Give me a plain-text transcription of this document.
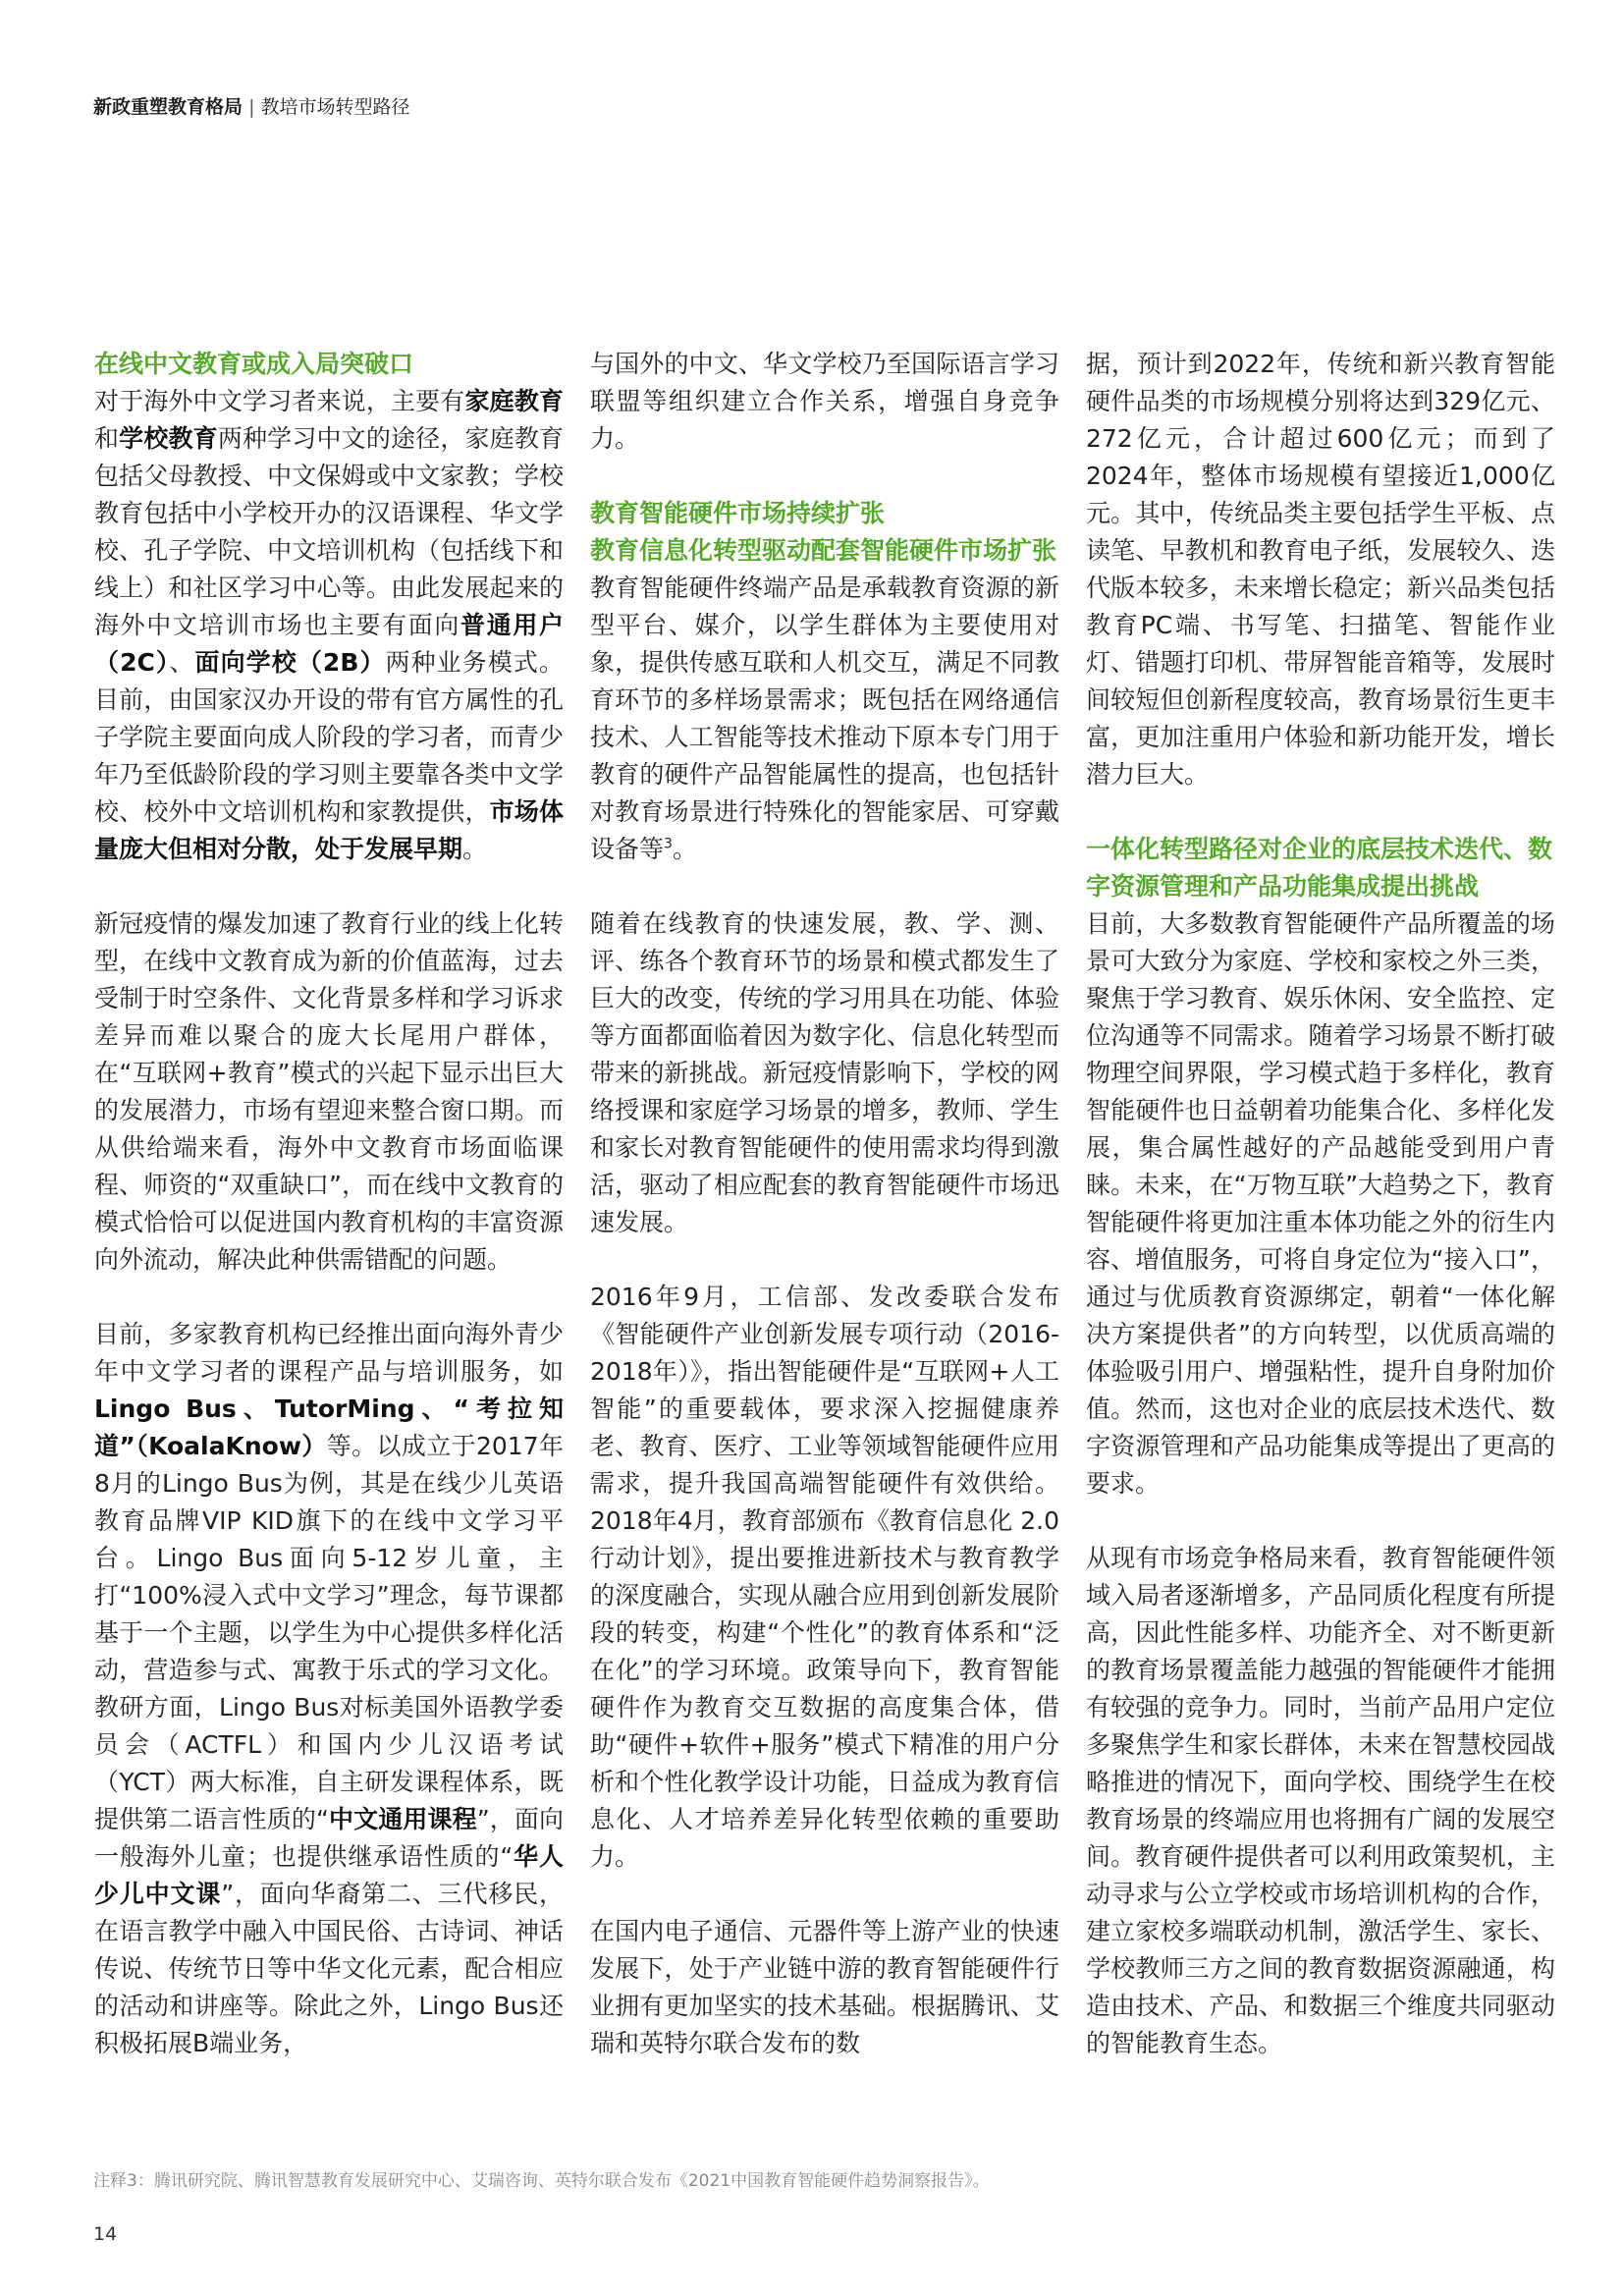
新政重塑教育格局 | 教培市场转型路径
在线中文教育或成入局突破口

对于海外中文学习者来说，主要有家庭教育和学校教育两种学习中文的途径，家庭教育包括父母教授、中文保姆或中文家教；学校教育包括中小学校开办的汉语课程、华文学校、孔子学院、中文培训机构（包括线下和线上）和社区学习中心等。由此发展起来的海外中文培训市场也主要有面向普通用户（2C）、面向学校（2B）两种业务模式。目前，由国家汉办开设的带有官方属性的孔子学院主要面向成人阶段的学习者，而青少年乃至低龄阶段的学习则主要靠各类中文学校、校外中文培训机构和家教提供，市场体量庞大但相对分散，处于发展早期。

新冠疫情的爆发加速了教育行业的线上化转型，在线中文教育成为新的价值蓝海，过去受制于时空条件、文化背景多样和学习诉求差异而难以聚合的庞大长尾用户群体，在“互联网+教育”模式的兴起下显示出巨大的发展潜力，市场有望迎来整合窗口期。而从供给端来看，海外中文教育市场面临课程、师资的“双重缺口”，而在线中文教育的模式恰恰可以促进国内教育机构的丰富资源向外流动，解决此种供需错配的问题。

目前，多家教育机构已经推出面向海外青少年中文学习者的课程产品与培训服务，如Lingo Bus、TutorMing、“考拉知道”（KoalaKnow）等。以成立于2017年8月的Lingo Bus为例，其是在线少儿英语教育品牌VIP KID旗下的在线中文学习平台。Lingo Bus面向5-12岁儿童，主打“100%浸入式中文学习”理念，每节课都基于一个主题，以学生为中心提供多样化活动，营造参与式、寓教于乐式的学习文化。教研方面，Lingo Bus对标美国外语教学委员会（ACTFL）和国内少儿汉语考试（YCT）两大标准，自主研发课程体系，既提供第二语言性质的“中文通用课程”，面向一般海外儿童；也提供继承语性质的“华人少儿中文课”，面向华裔第二、三代移民，在语言教学中融入中国民俗、古诗词、神话传说、传统节日等中华文化元素，配合相应的活动和讲座等。除此之外，Lingo Bus还积极拓展B端业务，

与国外的中文、华文学校乃至国际语言学习联盟等组织建立合作关系，增强自身竞争力。

教育智能硬件市场持续扩张
教育信息化转型驱动配套智能硬件市场扩张

教育智能硬件终端产品是承载教育资源的新型平台、媒介，以学生群体为主要使用对象，提供传感互联和人机交互，满足不同教育环节的多样场景需求；既包括在网络通信技术、人工智能等技术推动下原本专门用于教育的硬件产品智能属性的提高，也包括针对教育场景进行特殊化的智能家居、可穿戴设备等$^3$。

随着在线教育的快速发展，教、学、测、评、练各个教育环节的场景和模式都发生了巨大的改变，传统的学习用具在功能、体验等方面都面临着因为数字化、信息化转型而带来的新挑战。新冠疫情影响下，学校的网络授课和家庭学习场景的增多，教师、学生和家长对教育智能硬件的使用需求均得到激活，驱动了相应配套的教育智能硬件市场迅速发展。

2016年9月，工信部、发改委联合发布《智能硬件产业创新发展专项行动（2016-2018年）》，指出智能硬件是“互联网+人工智能”的重要载体，要求深入挖掘健康养老、教育、医疗、工业等领域智能硬件应用需求，提升我国高端智能硬件有效供给。2018年4月，教育部颁布《教育信息化 2.0行动计划》，提出要推进新技术与教育教学的深度融合，实现从融合应用到创新发展阶段的转变，构建“个性化”的教育体系和“泛在化”的学习环境。政策导向下，教育智能硬件作为教育交互数据的高度集合体，借助“硬件+软件+服务”模式下精准的用户分析和个性化教学设计功能，日益成为教育信息化、人才培养差异化转型依赖的重要助力。

在国内电子通信、元器件等上游产业的快速发展下，处于产业链中游的教育智能硬件行业拥有更加坚实的技术基础。根据腾讯、艾瑞和英特尔联合发布的数

据，预计到2022年，传统和新兴教育智能硬件品类的市场规模分别将达到329亿元、272亿元，合计超过600亿元；而到了2024年，整体市场规模有望接近1,000亿元。其中，传统品类主要包括学生平板、点读笔、早教机和教育电子纸，发展较久、迭代版本较多，未来增长稳定；新兴品类包括教育PC端、书写笔、扫描笔、智能作业灯、错题打印机、带屏智能音箱等，发展时间较短但创新程度较高，教育场景衍生更丰富，更加注重用户体验和新功能开发，增长潜力巨大。

一体化转型路径对企业的底层技术迭代、数字资源管理和产品功能集成提出挑战

目前，大多数教育智能硬件产品所覆盖的场景可大致分为家庭、学校和家校之外三类，聚焦于学习教育、娱乐休闲、安全监控、定位沟通等不同需求。随着学习场景不断打破物理空间界限，学习模式趋于多样化，教育智能硬件也日益朝着功能集合化、多样化发展，集合属性越好的产品越能受到用户青睐。未来，在“万物互联”大趋势之下，教育智能硬件将更加注重本体功能之外的衍生内容、增值服务，可将自身定位为“接入口”，通过与优质教育资源绑定，朝着“一体化解决方案提供者”的方向转型，以优质高端的体验吸引用户、增强粘性，提升自身附加价值。然而，这也对企业的底层技术迭代、数字资源管理和产品功能集成等提出了更高的要求。

从现有市场竞争格局来看，教育智能硬件领域入局者逐渐增多，产品同质化程度有所提高，因此性能多样、功能齐全、对不断更新的教育场景覆盖能力越强的智能硬件才能拥有较强的竞争力。同时，当前产品用户定位多聚焦学生和家长群体，未来在智慧校园战略推进的情况下，面向学校、围绕学生在校教育场景的终端应用也将拥有广阔的发展空间。教育硬件提供者可以利用政策契机，主动寻求与公立学校或市场培训机构的合作，建立家校多端联动机制，激活学生、家长、学校教师三方之间的教育数据资源融通，构造由技术、产品、和数据三个维度共同驱动的智能教育生态。

注释3：腾讯研究院、腾讯智慧教育发展研究中心、艾瑞咨询、英特尔联合发布《2021中国教育智能硬件趋势洞察报告》。
14
